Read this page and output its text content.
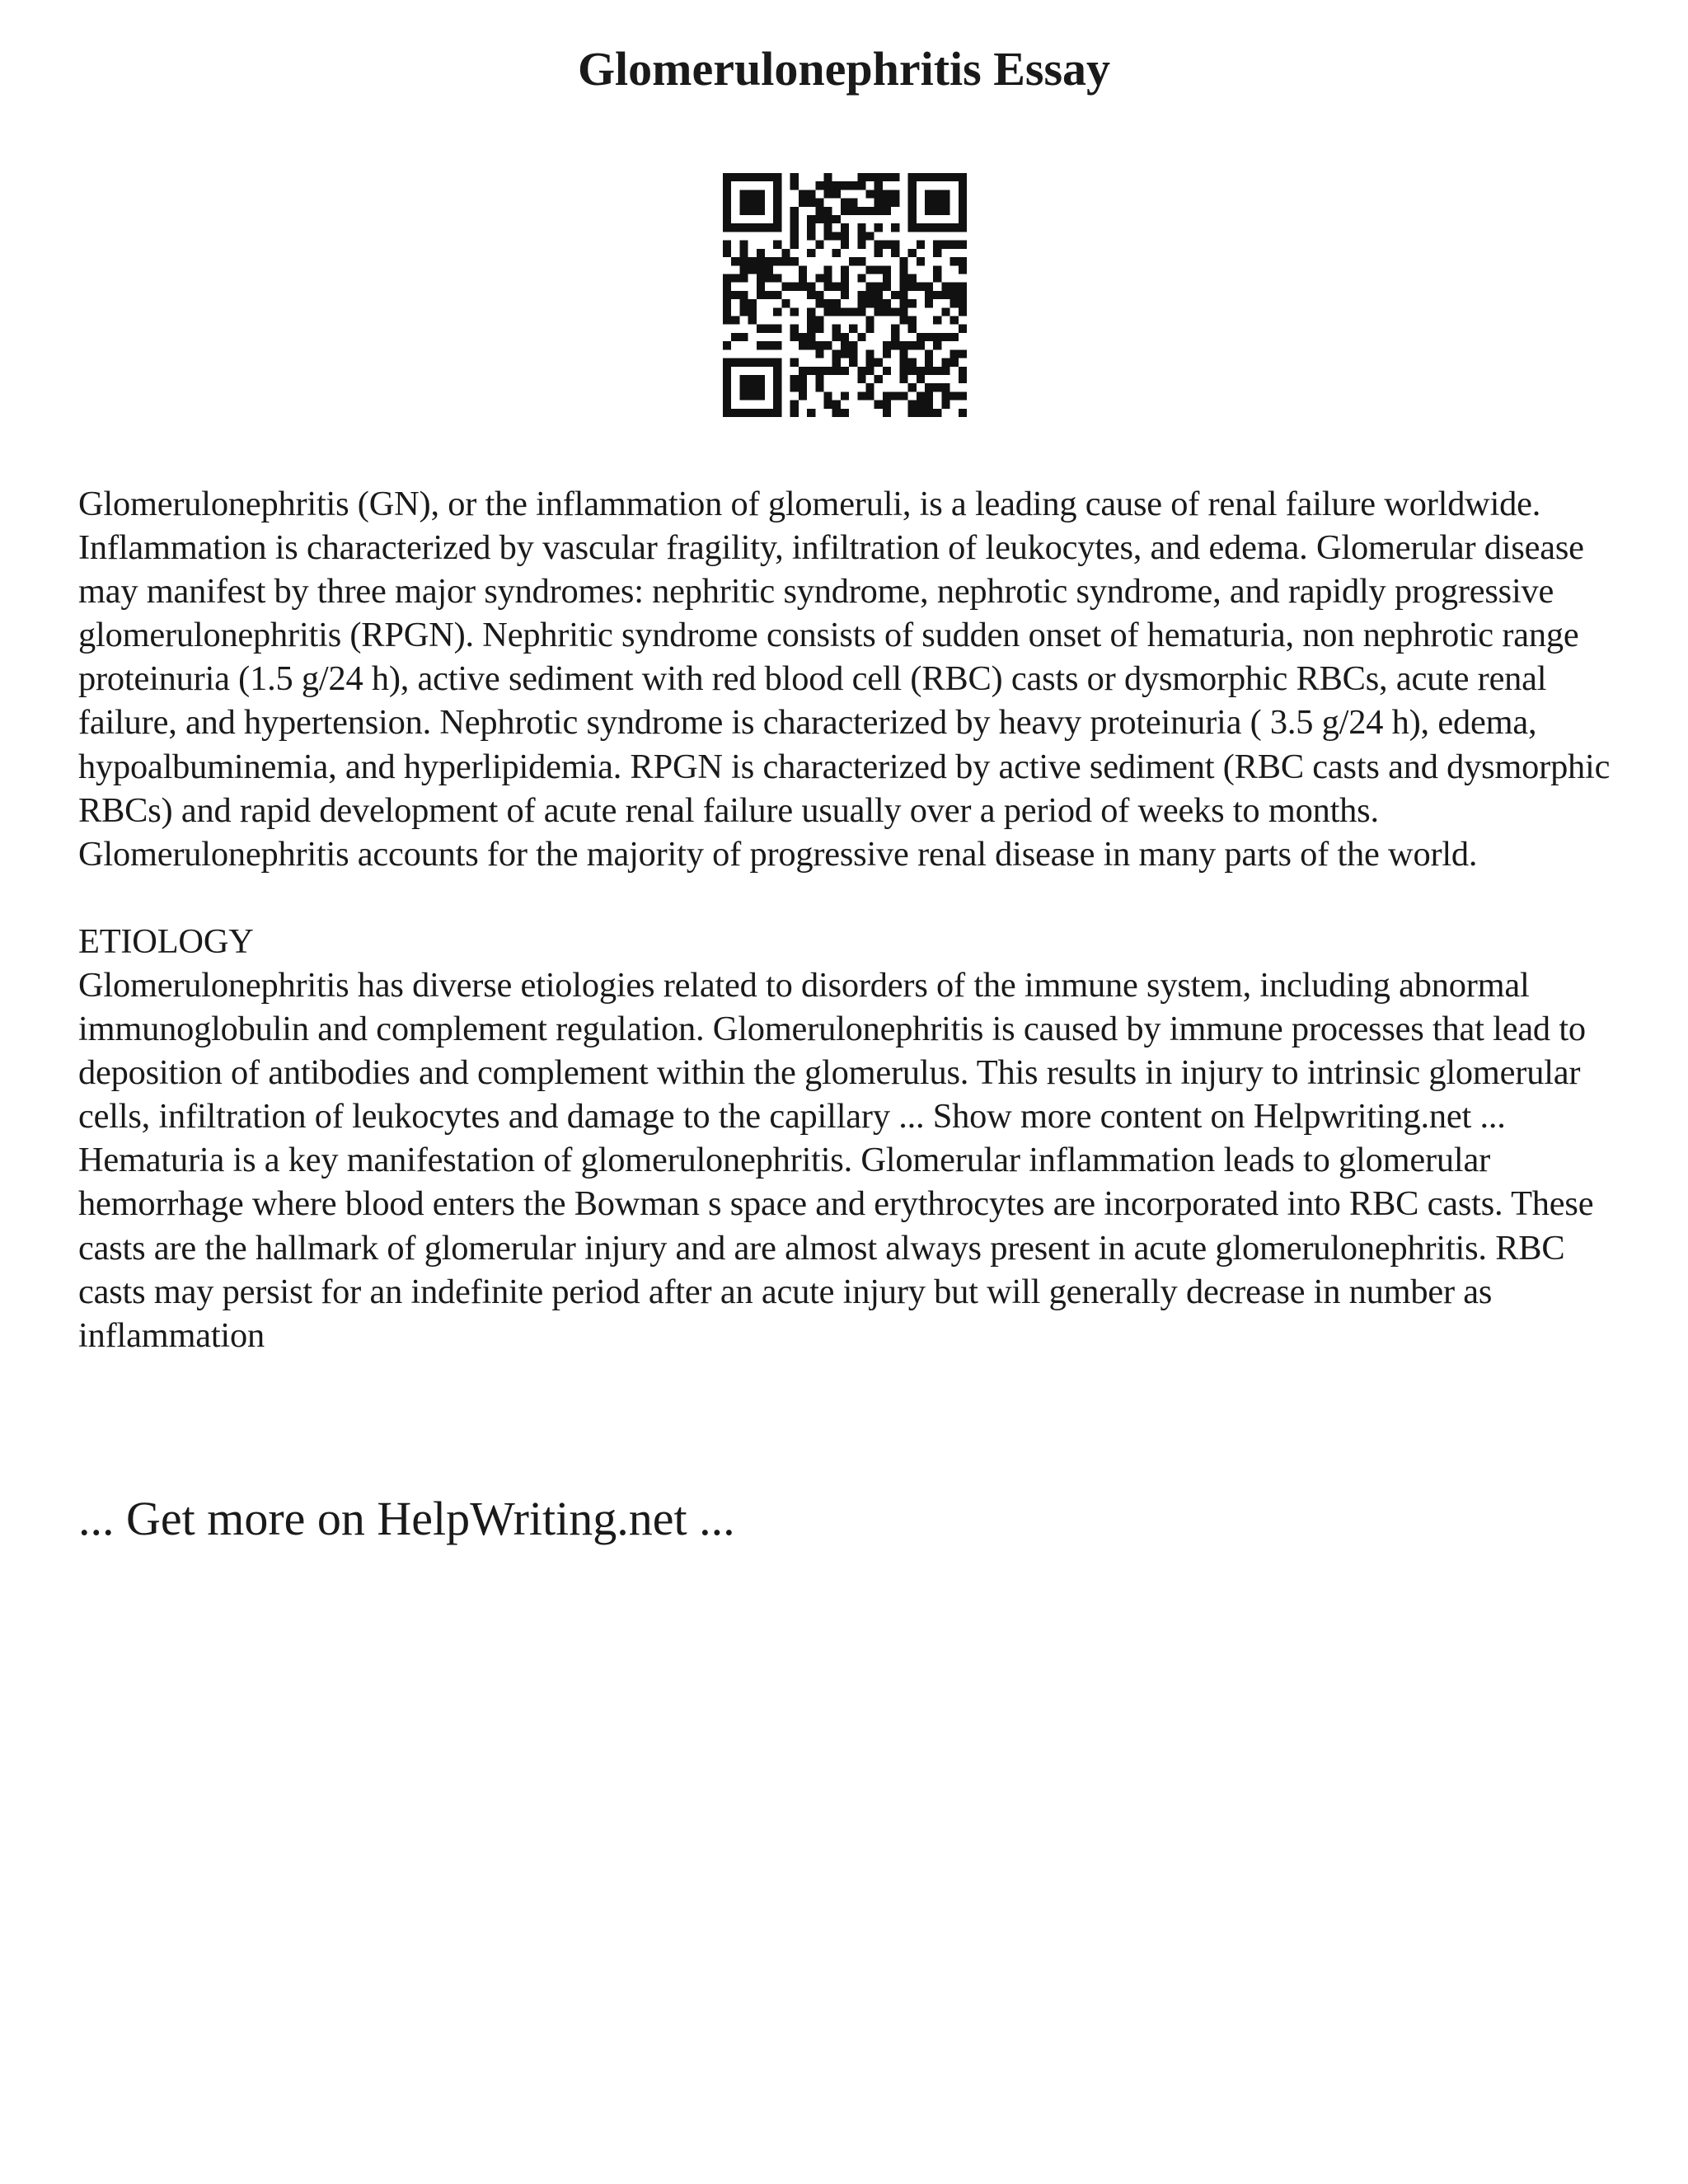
Glomerulonephritis Essay

Glomerulonephritis (GN), or the inflammation of glomeruli, is a leading cause of renal failure worldwide. Inflammation is characterized by vascular fragility, infiltration of leukocytes, and edema. Glomerular disease may manifest by three major syndromes: nephritic syndrome, nephrotic syndrome, and rapidly progressive glomerulonephritis (RPGN). Nephritic syndrome consists of sudden onset of hematuria, non nephrotic range proteinuria (1.5 g/24 h), active sediment with red blood cell (RBC) casts or dysmorphic RBCs, acute renal failure, and hypertension. Nephrotic syndrome is characterized by heavy proteinuria ( 3.5 g/24 h), edema, hypoalbuminemia, and hyperlipidemia. RPGN is characterized by active sediment (RBC casts and dysmorphic RBCs) and rapid development of acute renal failure usually over a period of weeks to months. Glomerulonephritis accounts for the majority of progressive renal disease in many parts of the world.

ETIOLOGY

Glomerulonephritis has diverse etiologies related to disorders of the immune system, including abnormal immunoglobulin and complement regulation. Glomerulonephritis is caused by immune processes that lead to deposition of antibodies and complement within the glomerulus. This results in injury to intrinsic glomerular cells, infiltration of leukocytes and damage to the capillary ... Show more content on Helpwriting.net ...

Hematuria is a key manifestation of glomerulonephritis. Glomerular inflammation leads to glomerular hemorrhage where blood enters the Bowman s space and erythrocytes are incorporated into RBC casts. These casts are the hallmark of glomerular injury and are almost always present in acute glomerulonephritis. RBC casts may persist for an indefinite period after an acute injury but will generally decrease in number as inflammation

... Get more on HelpWriting.net ...
